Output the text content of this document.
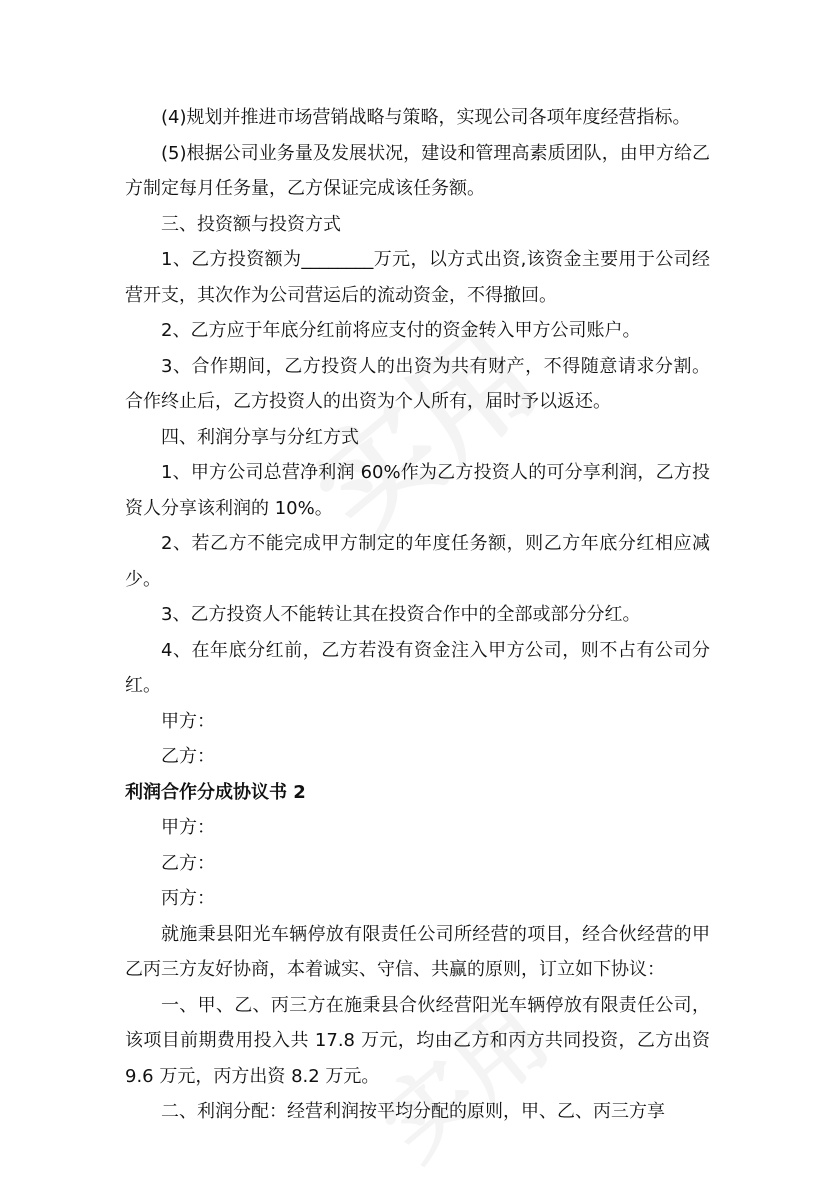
(4)规划并推进市场营销战略与策略，实现公司各项年度经营指标。

(5)根据公司业务量及发展状况，建设和管理高素质团队，由甲方给乙方制定每月任务量，乙方保证完成该任务额。

三、投资额与投资方式

1、乙方投资额为________万元，以方式出资,该资金主要用于公司经营开支，其次作为公司营运后的流动资金，不得撤回。

2、乙方应于年底分红前将应支付的资金转入甲方公司账户。

3、合作期间，乙方投资人的出资为共有财产，不得随意请求分割。合作终止后，乙方投资人的出资为个人所有，届时予以返还。

四、利润分享与分红方式

1、甲方公司总营净利润 60%作为乙方投资人的可分享利润，乙方投资人分享该利润的 10%。

2、若乙方不能完成甲方制定的年度任务额，则乙方年底分红相应减少。

3、乙方投资人不能转让其在投资合作中的全部或部分分红。

4、在年底分红前，乙方若没有资金注入甲方公司，则不占有公司分红。

甲方：

乙方：

利润合作分成协议书 2

甲方：

乙方：

丙方：

就施秉县阳光车辆停放有限责任公司所经营的项目，经合伙经营的甲乙丙三方友好协商，本着诚实、守信、共赢的原则，订立如下协议：

一、甲、乙、丙三方在施秉县合伙经营阳光车辆停放有限责任公司，该项目前期费用投入共 17.8 万元，均由乙方和丙方共同投资，乙方出资 9.6 万元，丙方出资 8.2 万元。

二、利润分配：经营利润按平均分配的原则，甲、乙、丙三方享
